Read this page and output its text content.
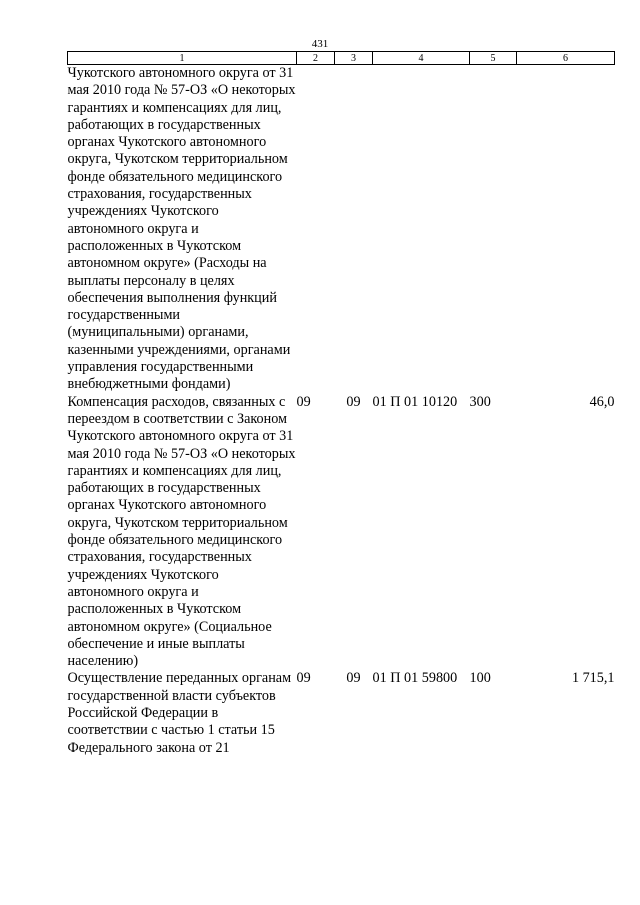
431
1	2	3	4	5	6
Чукотского автономного округа от 31 мая 2010 года № 57-ОЗ «О некоторых гарантиях и компенсациях для лиц, работающих в государственных органах Чукотского автономного округа, Чукотском территориальном фонде обязательного медицинского страхования, государственных учреждениях Чукотского автономного округа и расположенных в Чукотском автономном округе» (Расходы на выплаты персоналу в целях обеспечения выполнения функций государственными (муниципальными) органами, казенными учреждениями, органами управления государственными внебюджетными фондами)					
Компенсация расходов, связанных с переездом в соответствии с Законом Чукотского автономного округа от 31 мая 2010 года № 57-ОЗ «О некоторых гарантиях и компенсациях для лиц, работающих в государственных органах Чукотского автономного округа, Чукотском территориальном фонде обязательного медицинского страхования, государственных учреждениях Чукотского автономного округа и расположенных в Чукотском автономном округе» (Социальное обеспечение и иные выплаты населению)	09	09	01 П 01 10120	300	46,0
Осуществление переданных органам государственной власти субъектов Российской Федерации в соответствии с частью 1 статьи 15 Федерального закона от 21	09	09	01 П 01 59800	100	1 715,1
